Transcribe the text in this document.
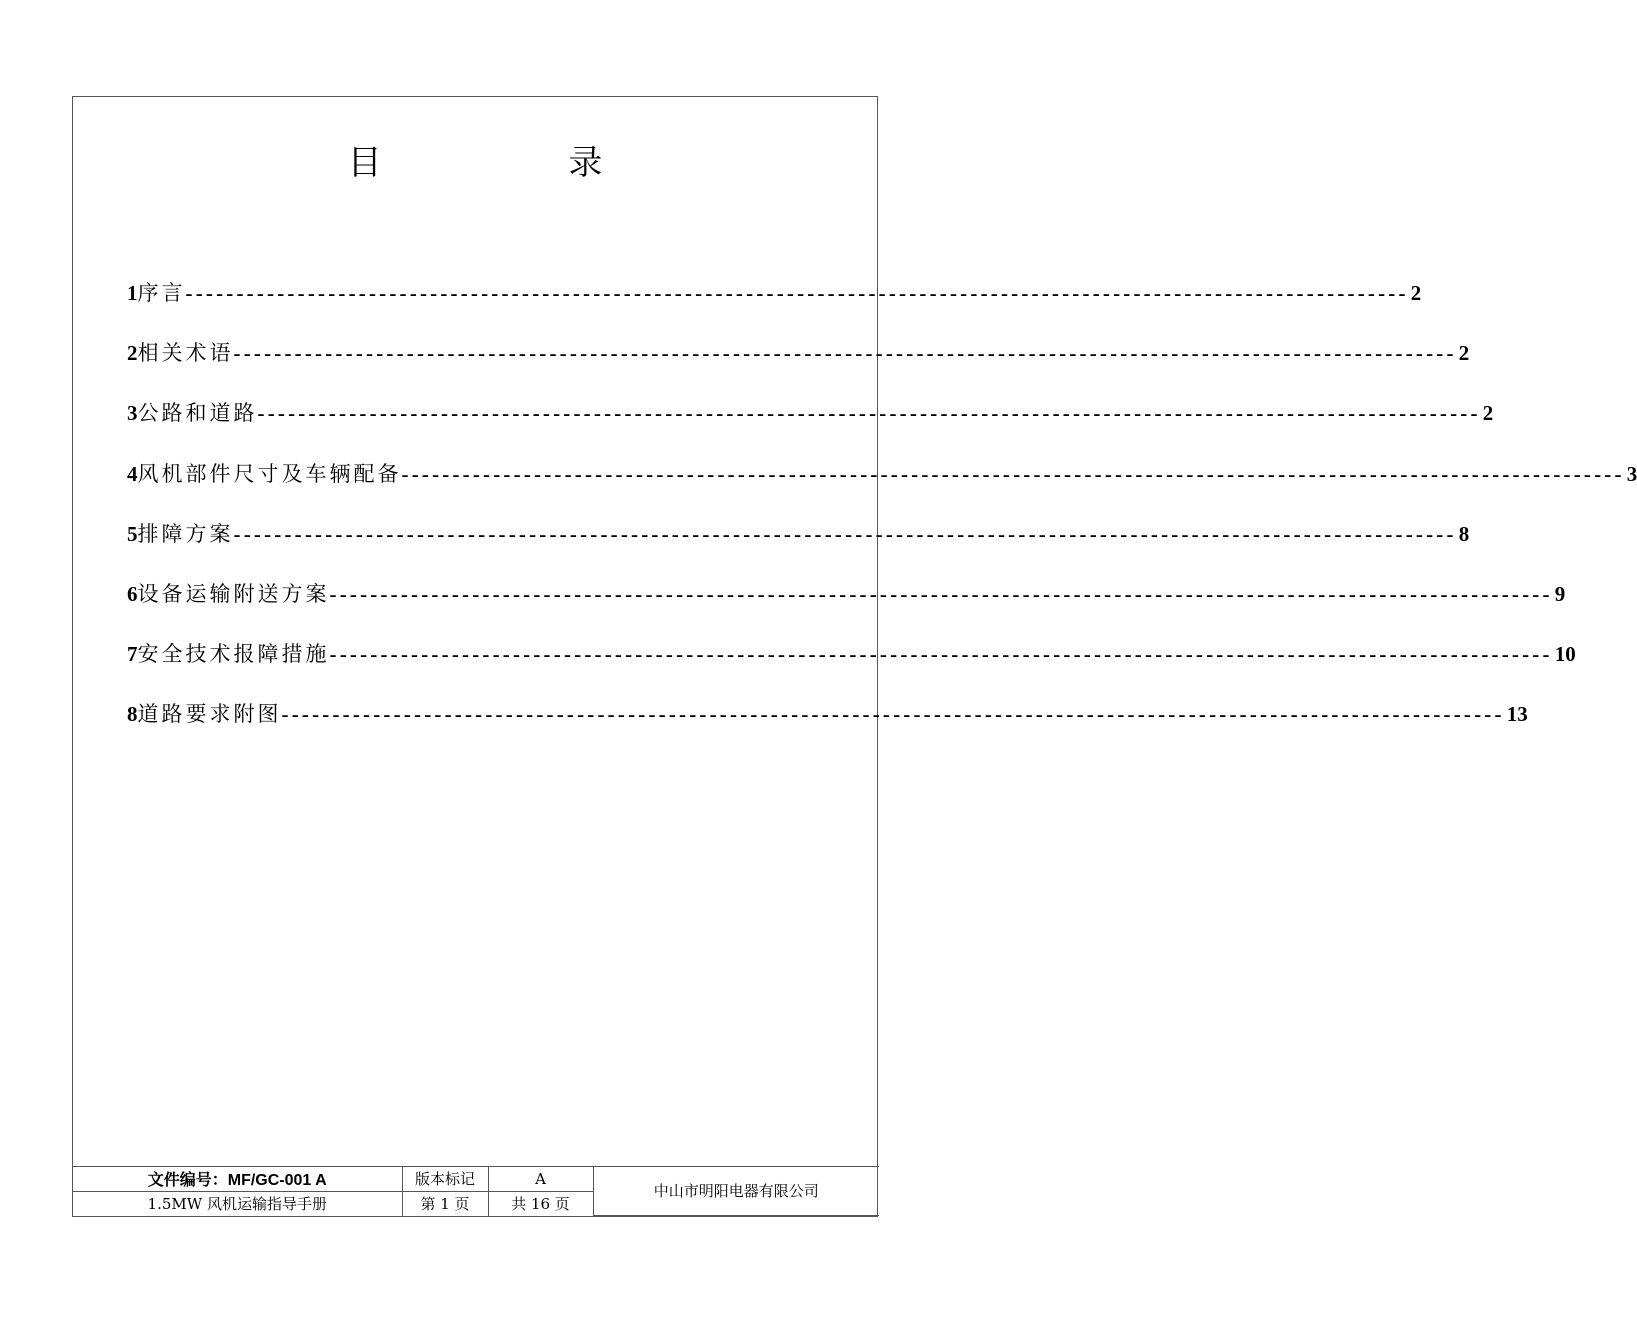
目 录
1 序言 ------------------------------------------------------------------------------------------------------------------------ 2
2 相关术语 ------------------------------------------------------------------------------------------------------------------------ 2
3 公路和道路 ------------------------------------------------------------------------------------------------------------------------ 2
4 风机部件尺寸及车辆配备 ------------------------------------------------------------------------------------------------------------------------ 3
5 排障方案 ------------------------------------------------------------------------------------------------------------------------ 8
6 设备运输附送方案 ------------------------------------------------------------------------------------------------------------------------ 9
7 安全技术报障措施 ------------------------------------------------------------------------------------------------------------------------ 10
8 道路要求附图 ------------------------------------------------------------------------------------------------------------------------ 13
文件编号：MF/GC-001 A	版本标记	A	中山市明阳电器有限公司
1.5MW 风机运输指导手册	第 1 页	共 16 页	
